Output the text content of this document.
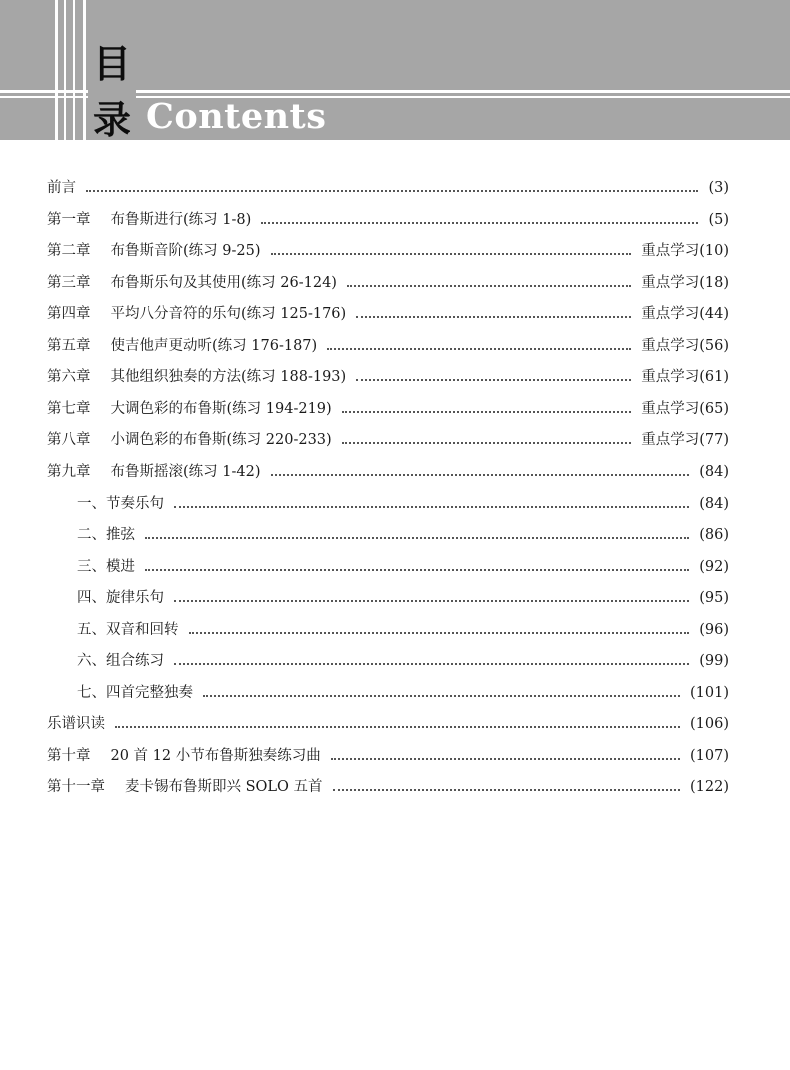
目
录 Contents
前言	(3)
第一章 布鲁斯进行(练习 1-8)	(5)
第二章 布鲁斯音阶(练习 9-25)	重点学习(10)
第三章 布鲁斯乐句及其使用(练习 26-124)	重点学习(18)
第四章 平均八分音符的乐句(练习 125-176)	重点学习(44)
第五章 使吉他声更动听(练习 176-187)	重点学习(56)
第六章 其他组织独奏的方法(练习 188-193)	重点学习(61)
第七章 大调色彩的布鲁斯(练习 194-219)	重点学习(65)
第八章 小调色彩的布鲁斯(练习 220-233)	重点学习(77)
第九章 布鲁斯摇滚(练习 1-42)	(84)
一、节奏乐句	(84)
二、推弦	(86)
三、模进	(92)
四、旋律乐句	(95)
五、双音和回转	(96)
六、组合练习	(99)
七、四首完整独奏	(101)
乐谱识读	(106)
第十章 20 首 12 小节布鲁斯独奏练习曲	(107)
第十一章 麦卡锡布鲁斯即兴 SOLO 五首	(122)
